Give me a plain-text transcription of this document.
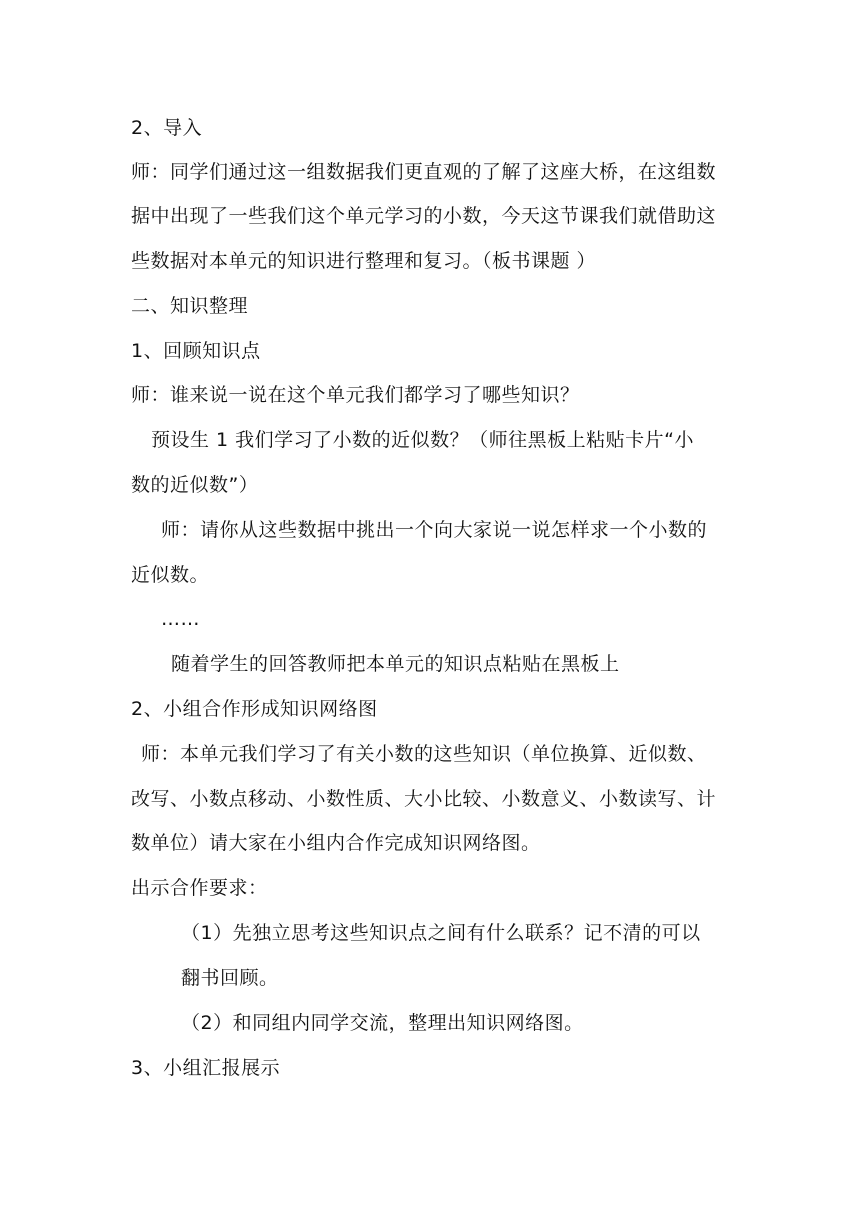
2、导入
师：同学们通过这一组数据我们更直观的了解了这座大桥，在这组数
据中出现了一些我们这个单元学习的小数，今天这节课我们就借助这
些数据对本单元的知识进行整理和复习。（板书课题 ）
二、知识整理
1、回顾知识点
师：谁来说一说在这个单元我们都学习了哪些知识？
预设生 1 我们学习了小数的近似数？（师往黑板上粘贴卡片“小
数的近似数”）
师：请你从这些数据中挑出一个向大家说一说怎样求一个小数的
近似数。
……
随着学生的回答教师把本单元的知识点粘贴在黑板上
2、小组合作形成知识网络图
师：本单元我们学习了有关小数的这些知识（单位换算、近似数、
改写、小数点移动、小数性质、大小比较、小数意义、小数读写、计
数单位）请大家在小组内合作完成知识网络图。
出示合作要求：
（1）先独立思考这些知识点之间有什么联系？记不清的可以
翻书回顾。
（2）和同组内同学交流，整理出知识网络图。
3、小组汇报展示
